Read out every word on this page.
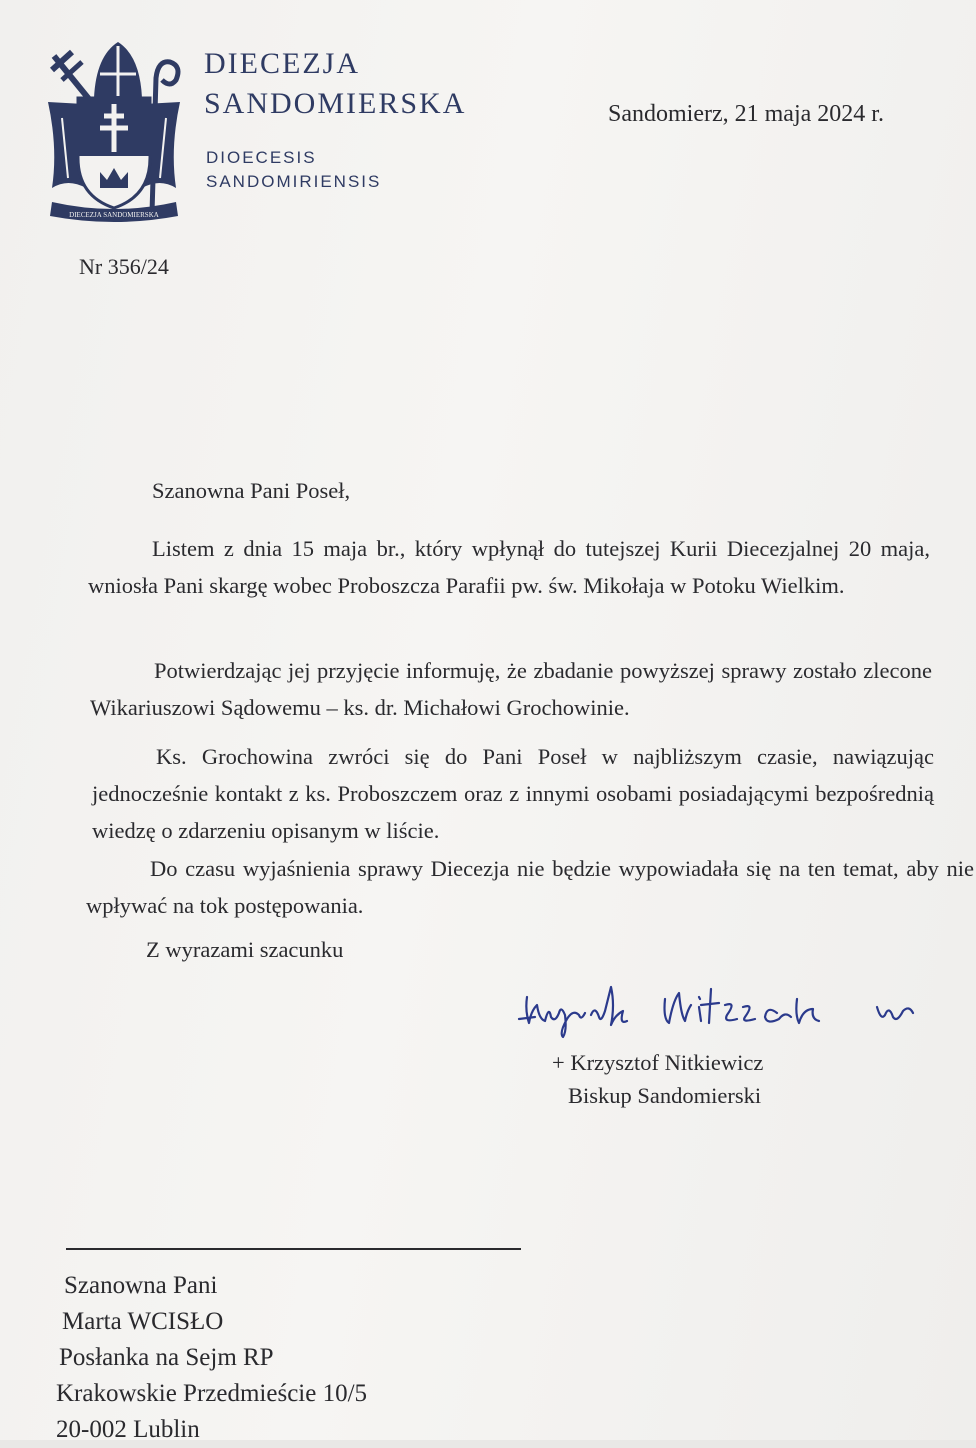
DIECEZJA SANDOMIERSKA
DIECEZJA
SANDOMIERSKA
DIOECESIS
SANDOMIRIENSIS
Sandomierz, 21 maja 2024 r.
Nr 356/24
Szanowna Pani Poseł,

Listem z dnia 15 maja br., który wpłynął do tutejszej Kurii Diecezjalnej 20 maja, wniosła Pani skargę wobec Proboszcza Parafii pw. św. Mikołaja w Potoku Wielkim.

Potwierdzając jej przyjęcie informuję, że zbadanie powyższej sprawy zostało zlecone Wikariuszowi Sądowemu – ks. dr. Michałowi Grochowinie.

Ks. Grochowina zwróci się do Pani Poseł w najbliższym czasie, nawiązując jednocześnie kontakt z ks. Proboszczem oraz z innymi osobami posiadającymi bezpośrednią wiedzę o zdarzeniu opisanym w liście.

Do czasu wyjaśnienia sprawy Diecezja nie będzie wypowiadała się na ten temat, aby nie wpływać na tok postępowania.

Z wyrazami szacunku
+ Krzysztof Nitkiewicz
Biskup Sandomierski
Szanowna Pani
Marta WCISŁO
Posłanka na Sejm RP
Krakowskie Przedmieście 10/5
20-002 Lublin
